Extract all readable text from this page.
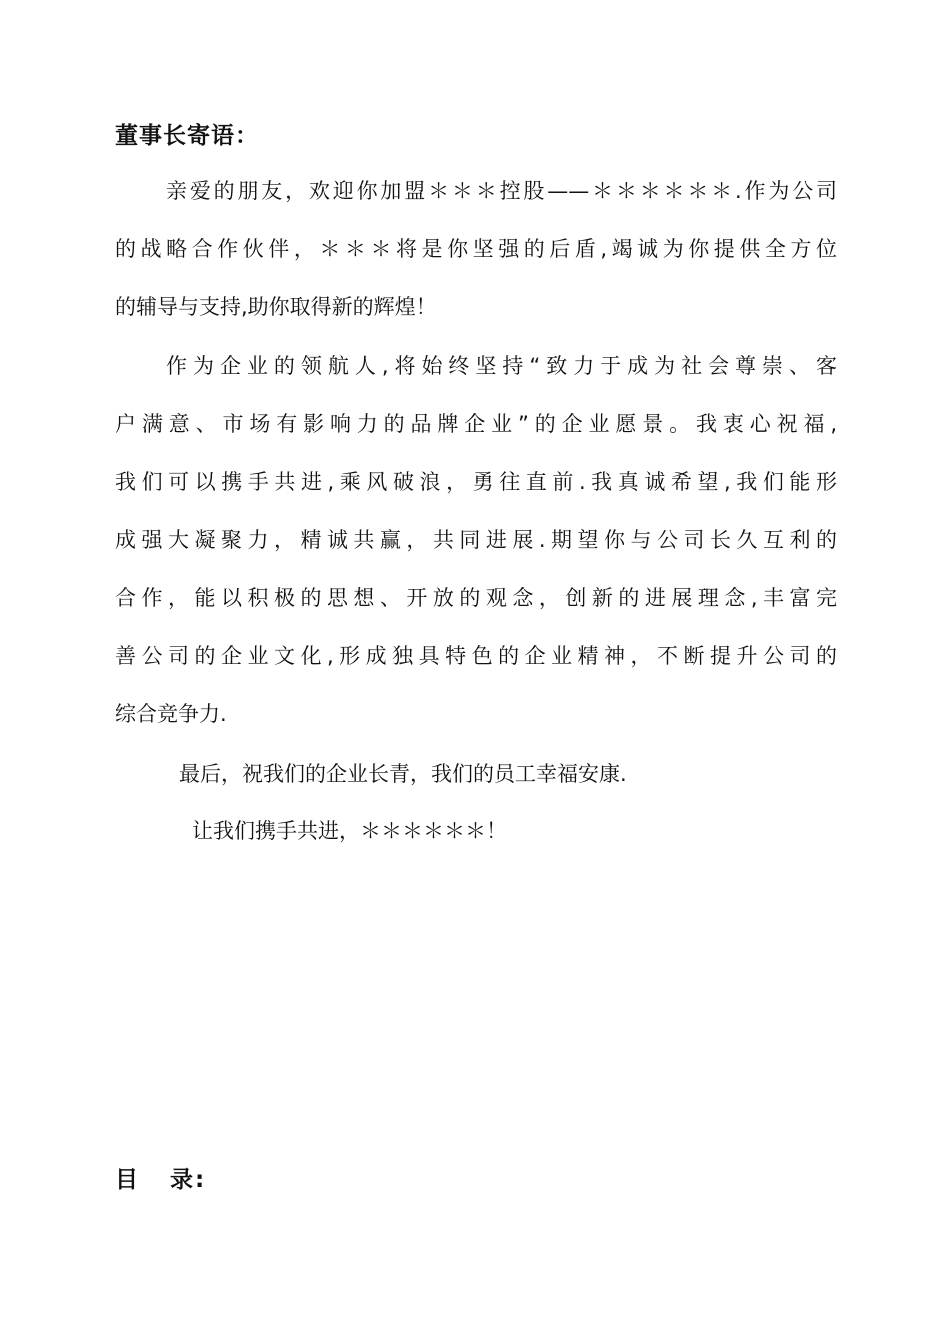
董事长寄语：

亲爱的朋友，欢迎你加盟＊＊＊控股——＊＊＊＊＊＊.作为公司

的战略合作伙伴，＊＊＊将是你坚强的后盾,竭诚为你提供全方位

的辅导与支持,助你取得新的辉煌！

作为企业的领航人,将始终坚持“致力于成为社会尊崇、客

户满意、市场有影响力的品牌企业”的企业愿景。我衷心祝福,

我们可以携手共进,乘风破浪，勇往直前.我真诚希望,我们能形

成强大凝聚力，精诚共赢，共同进展.期望你与公司长久互利的

合作，能以积极的思想、开放的观念，创新的进展理念,丰富完

善公司的企业文化,形成独具特色的企业精神，不断提升公司的

综合竞争力.

最后，祝我们的企业长青，我们的员工幸福安康.

让我们携手共进，＊＊＊＊＊＊！

目 录:
